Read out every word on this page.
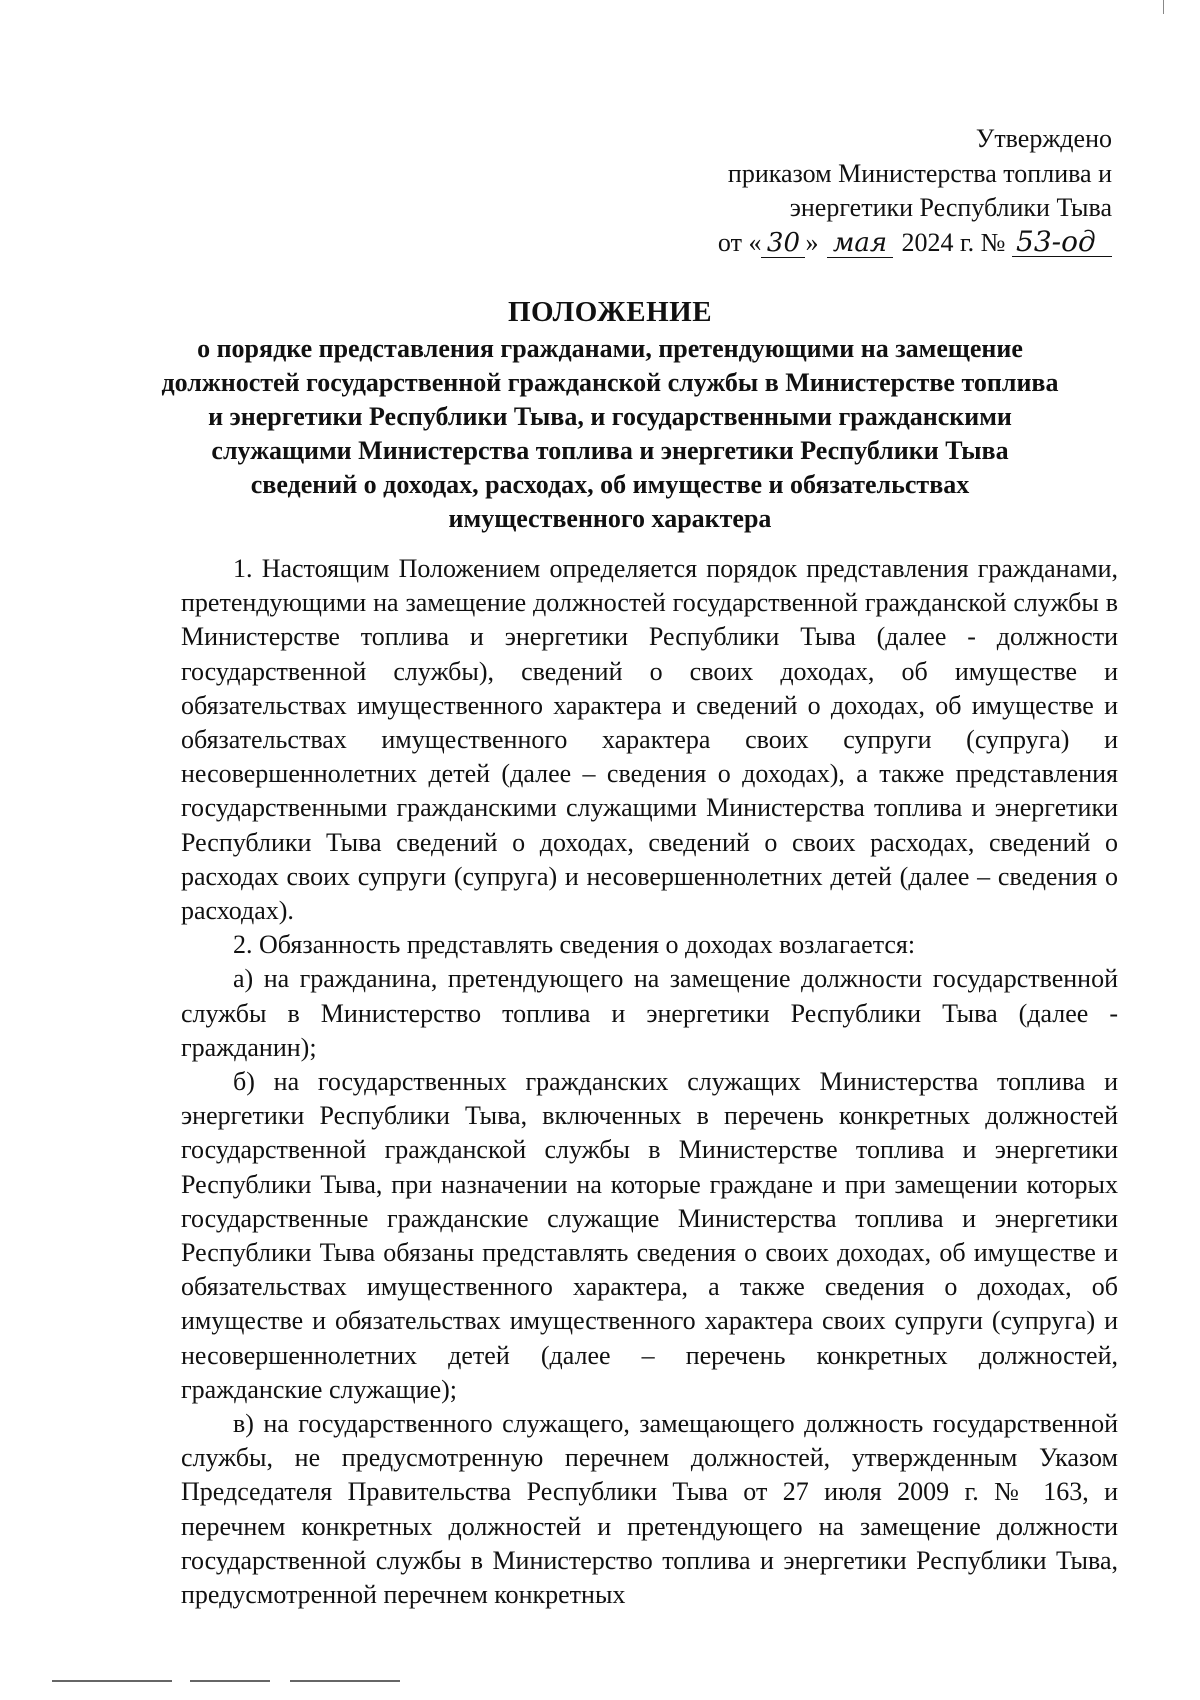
Утверждено
приказом Министерства топлива и
энергетики Республики Тыва
от « 30 » мая 2024 г. № 53-од
ПОЛОЖЕНИЕ
о порядке представления гражданами, претендующими на замещение должностей государственной гражданской службы в Министерстве топлива и энергетики Республики Тыва, и государственными гражданскими служащими Министерства топлива и энергетики Республики Тыва сведений о доходах, расходах, об имуществе и обязательствах имущественного характера

1. Настоящим Положением определяется порядок представления гражданами, претендующими на замещение должностей государственной гражданской службы в Министерстве топлива и энергетики Республики Тыва (далее - должности государственной службы), сведений о своих доходах, об имуществе и обязательствах имущественного характера и сведений о доходах, об имуществе и обязательствах имущественного характера своих супруги (супруга) и несовершеннолетних детей (далее – сведения о доходах), а также представления государственными гражданскими служащими Министерства топлива и энергетики Республики Тыва сведений о доходах, сведений о своих расходах, сведений о расходах своих супруги (супруга) и несовершеннолетних детей (далее – сведения о расходах).

2. Обязанность представлять сведения о доходах возлагается:

а) на гражданина, претендующего на замещение должности государственной службы в Министерство топлива и энергетики Республики Тыва (далее - гражданин);

б) на государственных гражданских служащих Министерства топлива и энергетики Республики Тыва, включенных в перечень конкретных должностей государственной гражданской службы в Министерстве топлива и энергетики Республики Тыва, при назначении на которые граждане и при замещении которых государственные гражданские служащие Министерства топлива и энергетики Республики Тыва обязаны представлять сведения о своих доходах, об имуществе и обязательствах имущественного характера, а также сведения о доходах, об имуществе и обязательствах имущественного характера своих супруги (супруга) и несовершеннолетних детей (далее – перечень конкретных должностей, гражданские служащие);

в) на государственного служащего, замещающего должность государственной службы, не предусмотренную перечнем должностей, утвержденным Указом Председателя Правительства Республики Тыва от 27 июля 2009 г. № 163, и перечнем конкретных должностей и претендующего на замещение должности государственной службы в Министерство топлива и энергетики Республики Тыва, предусмотренной перечнем конкретных
